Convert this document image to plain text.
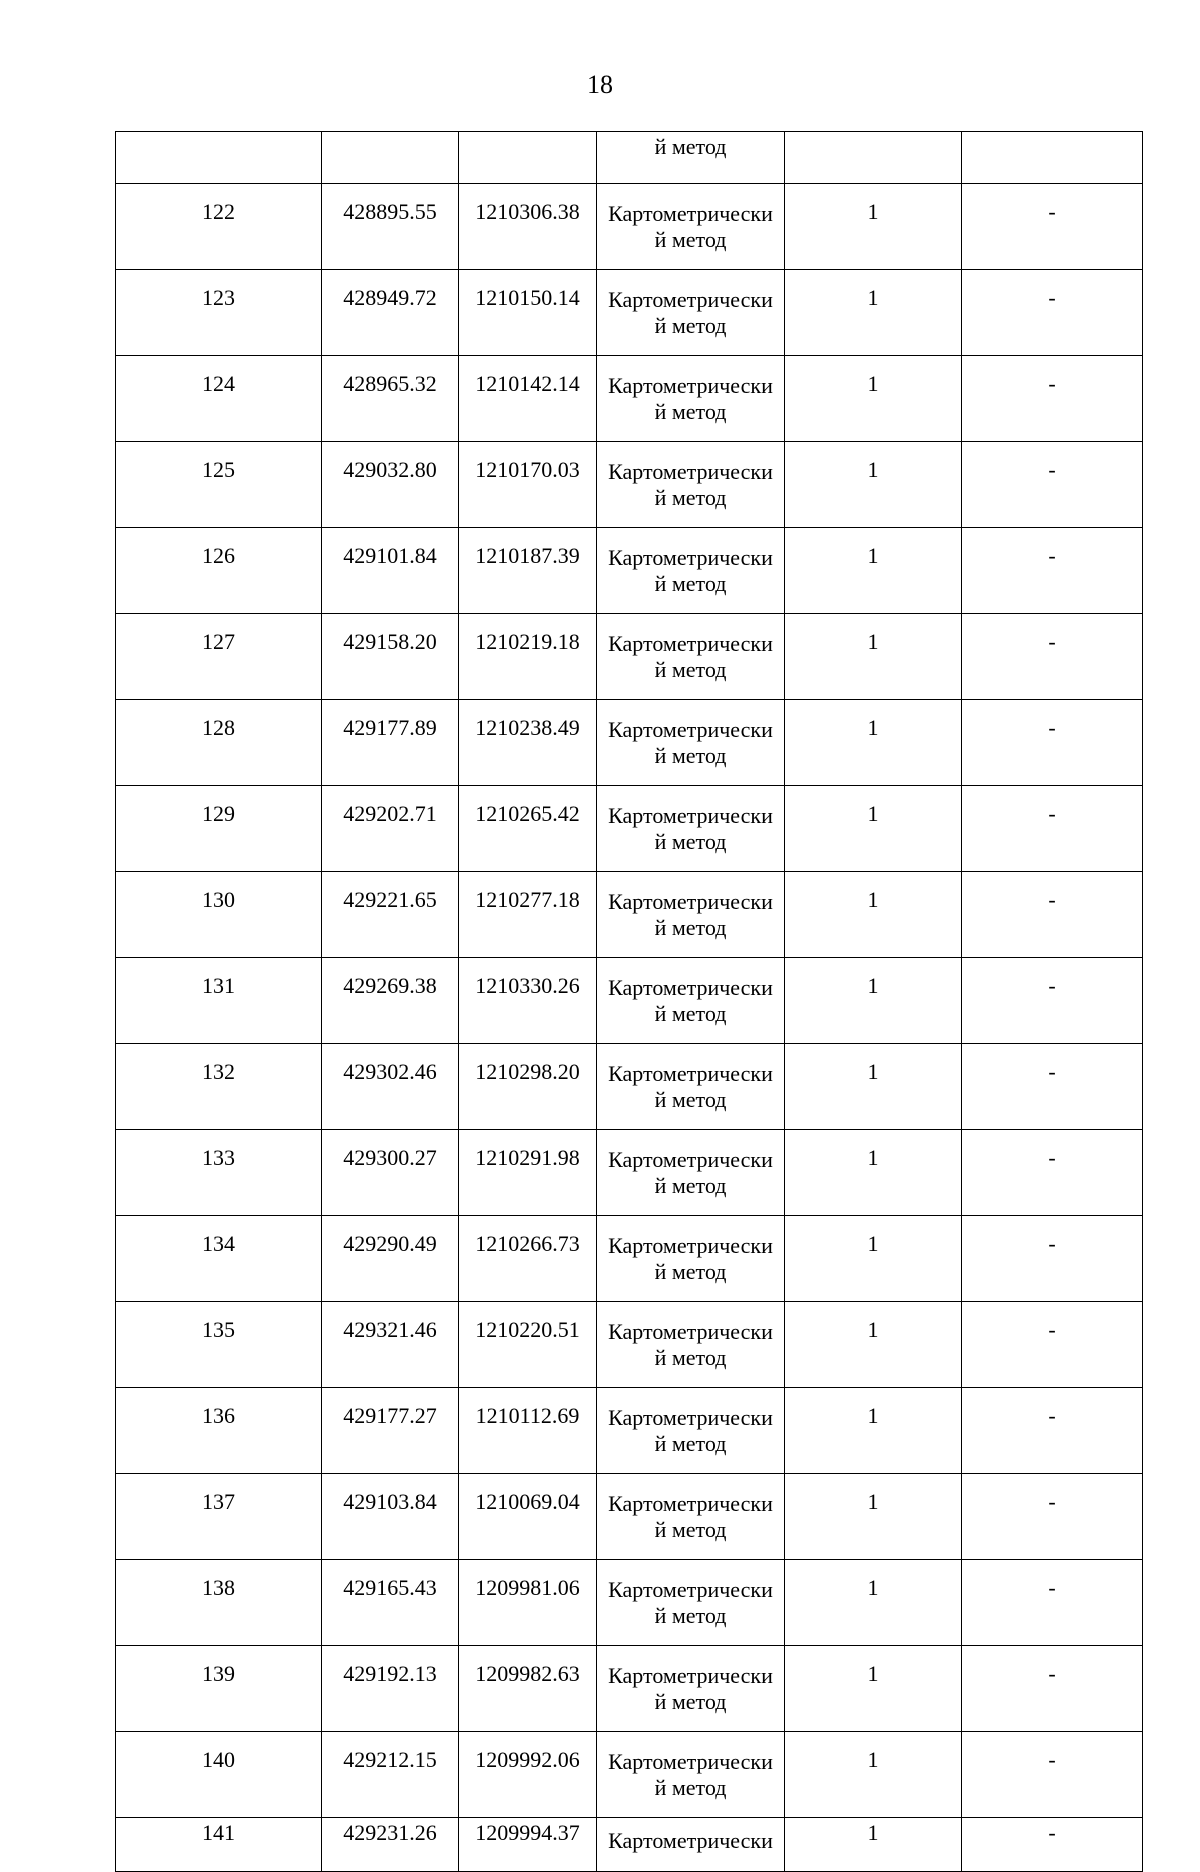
18

			й метод		

122	428895.55	1210306.38	Картометрически
й метод	1	-
123	428949.72	1210150.14	Картометрически
й метод	1	-
124	428965.32	1210142.14	Картометрически
й метод	1	-
125	429032.80	1210170.03	Картометрически
й метод	1	-
126	429101.84	1210187.39	Картометрически
й метод	1	-
127	429158.20	1210219.18	Картометрически
й метод	1	-
128	429177.89	1210238.49	Картометрически
й метод	1	-
129	429202.71	1210265.42	Картометрически
й метод	1	-
130	429221.65	1210277.18	Картометрически
й метод	1	-
131	429269.38	1210330.26	Картометрически
й метод	1	-
132	429302.46	1210298.20	Картометрически
й метод	1	-
133	429300.27	1210291.98	Картометрически
й метод	1	-
134	429290.49	1210266.73	Картометрически
й метод	1	-
135	429321.46	1210220.51	Картометрически
й метод	1	-
136	429177.27	1210112.69	Картометрически
й метод	1	-
137	429103.84	1210069.04	Картометрически
й метод	1	-
138	429165.43	1209981.06	Картометрически
й метод	1	-
139	429192.13	1209982.63	Картометрически
й метод	1	-
140	429212.15	1209992.06	Картометрически
й метод	1	-
141	429231.26	1209994.37	Картометрически	1	-
